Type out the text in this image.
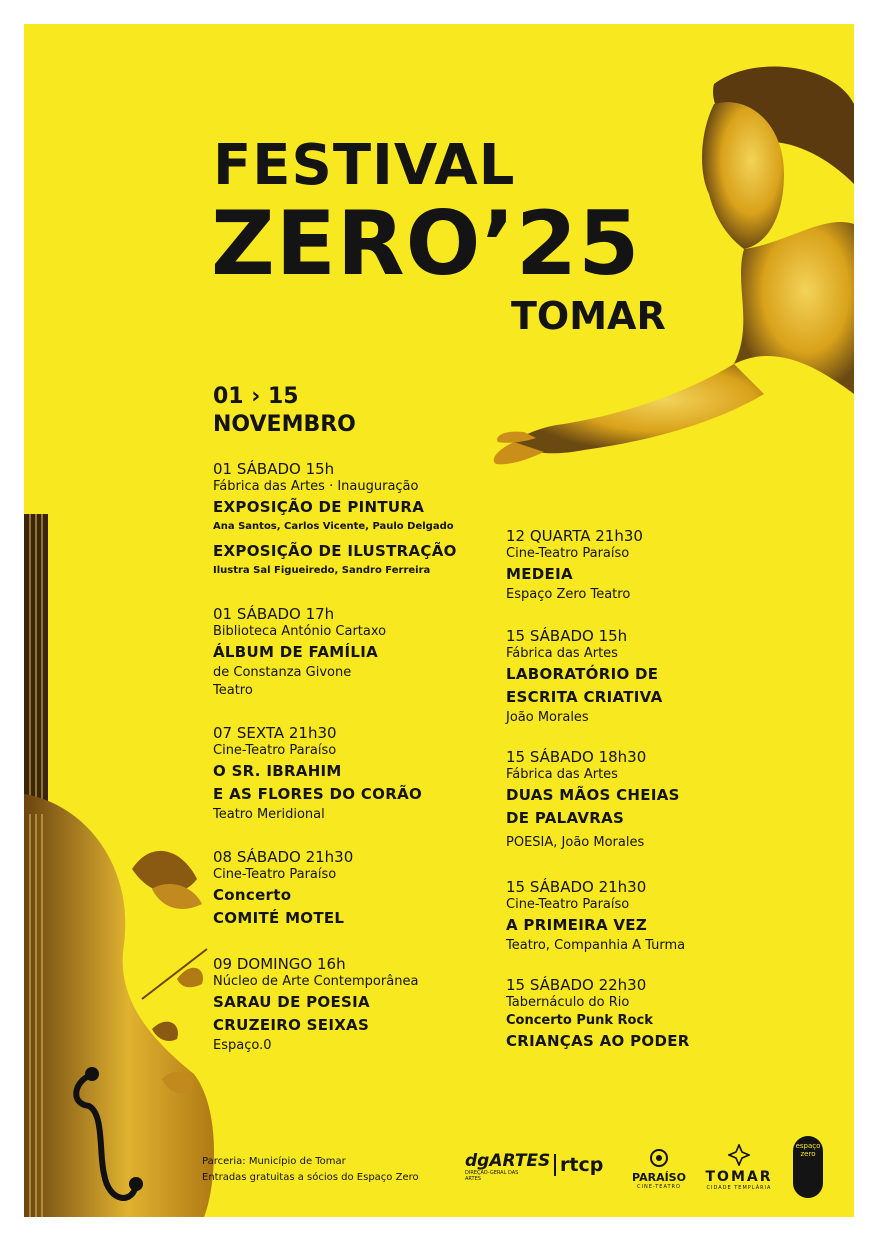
FESTIVAL
ZERO’25
TOMAR
01 › 15
NOVEMBRO
01 SÁBADO 15h
Fábrica das Artes · Inauguração
EXPOSIÇÃO DE PINTURA
Ana Santos, Carlos Vicente, Paulo Delgado
EXPOSIÇÃO DE ILUSTRAÇÃO
Ilustra Sal Figueiredo, Sandro Ferreira
01 SÁBADO 17h
Biblioteca António Cartaxo
ÁLBUM DE FAMÍLIA
de Constanza Givone
Teatro
07 SEXTA 21h30
Cine-Teatro Paraíso
O SR. IBRAHIM
E AS FLORES DO CORÃO
Teatro Meridional
08 SÁBADO 21h30
Cine-Teatro Paraíso
Concerto
COMITÉ MOTEL
09 DOMINGO 16h
Núcleo de Arte Contemporânea
SARAU DE POESIA
CRUZEIRO SEIXAS
Espaço.0
12 QUARTA 21h30
Cine-Teatro Paraíso
MEDEIA
Espaço Zero Teatro
15 SÁBADO 15h
Fábrica das Artes
LABORATÓRIO DE
ESCRITA CRIATIVA
João Morales
15 SÁBADO 18h30
Fábrica das Artes
DUAS MÃOS CHEIAS
DE PALAVRAS
POESIA, João Morales
15 SÁBADO 21h30
Cine-Teatro Paraíso
A PRIMEIRA VEZ
Teatro, Companhia A Turma
15 SÁBADO 22h30
Tabernáculo do Rio
Concerto Punk Rock
CRIANÇAS AO PODER
Parceria: Município de Tomar
Entradas gratuitas a sócios do Espaço Zero
dgARTES
DIREÇÃO-GERAL DAS ARTES
rtcp
PARAÍSO
CINE-TEATRO
TOMAR
CIDADE TEMPLÁRIA
espaço zero
